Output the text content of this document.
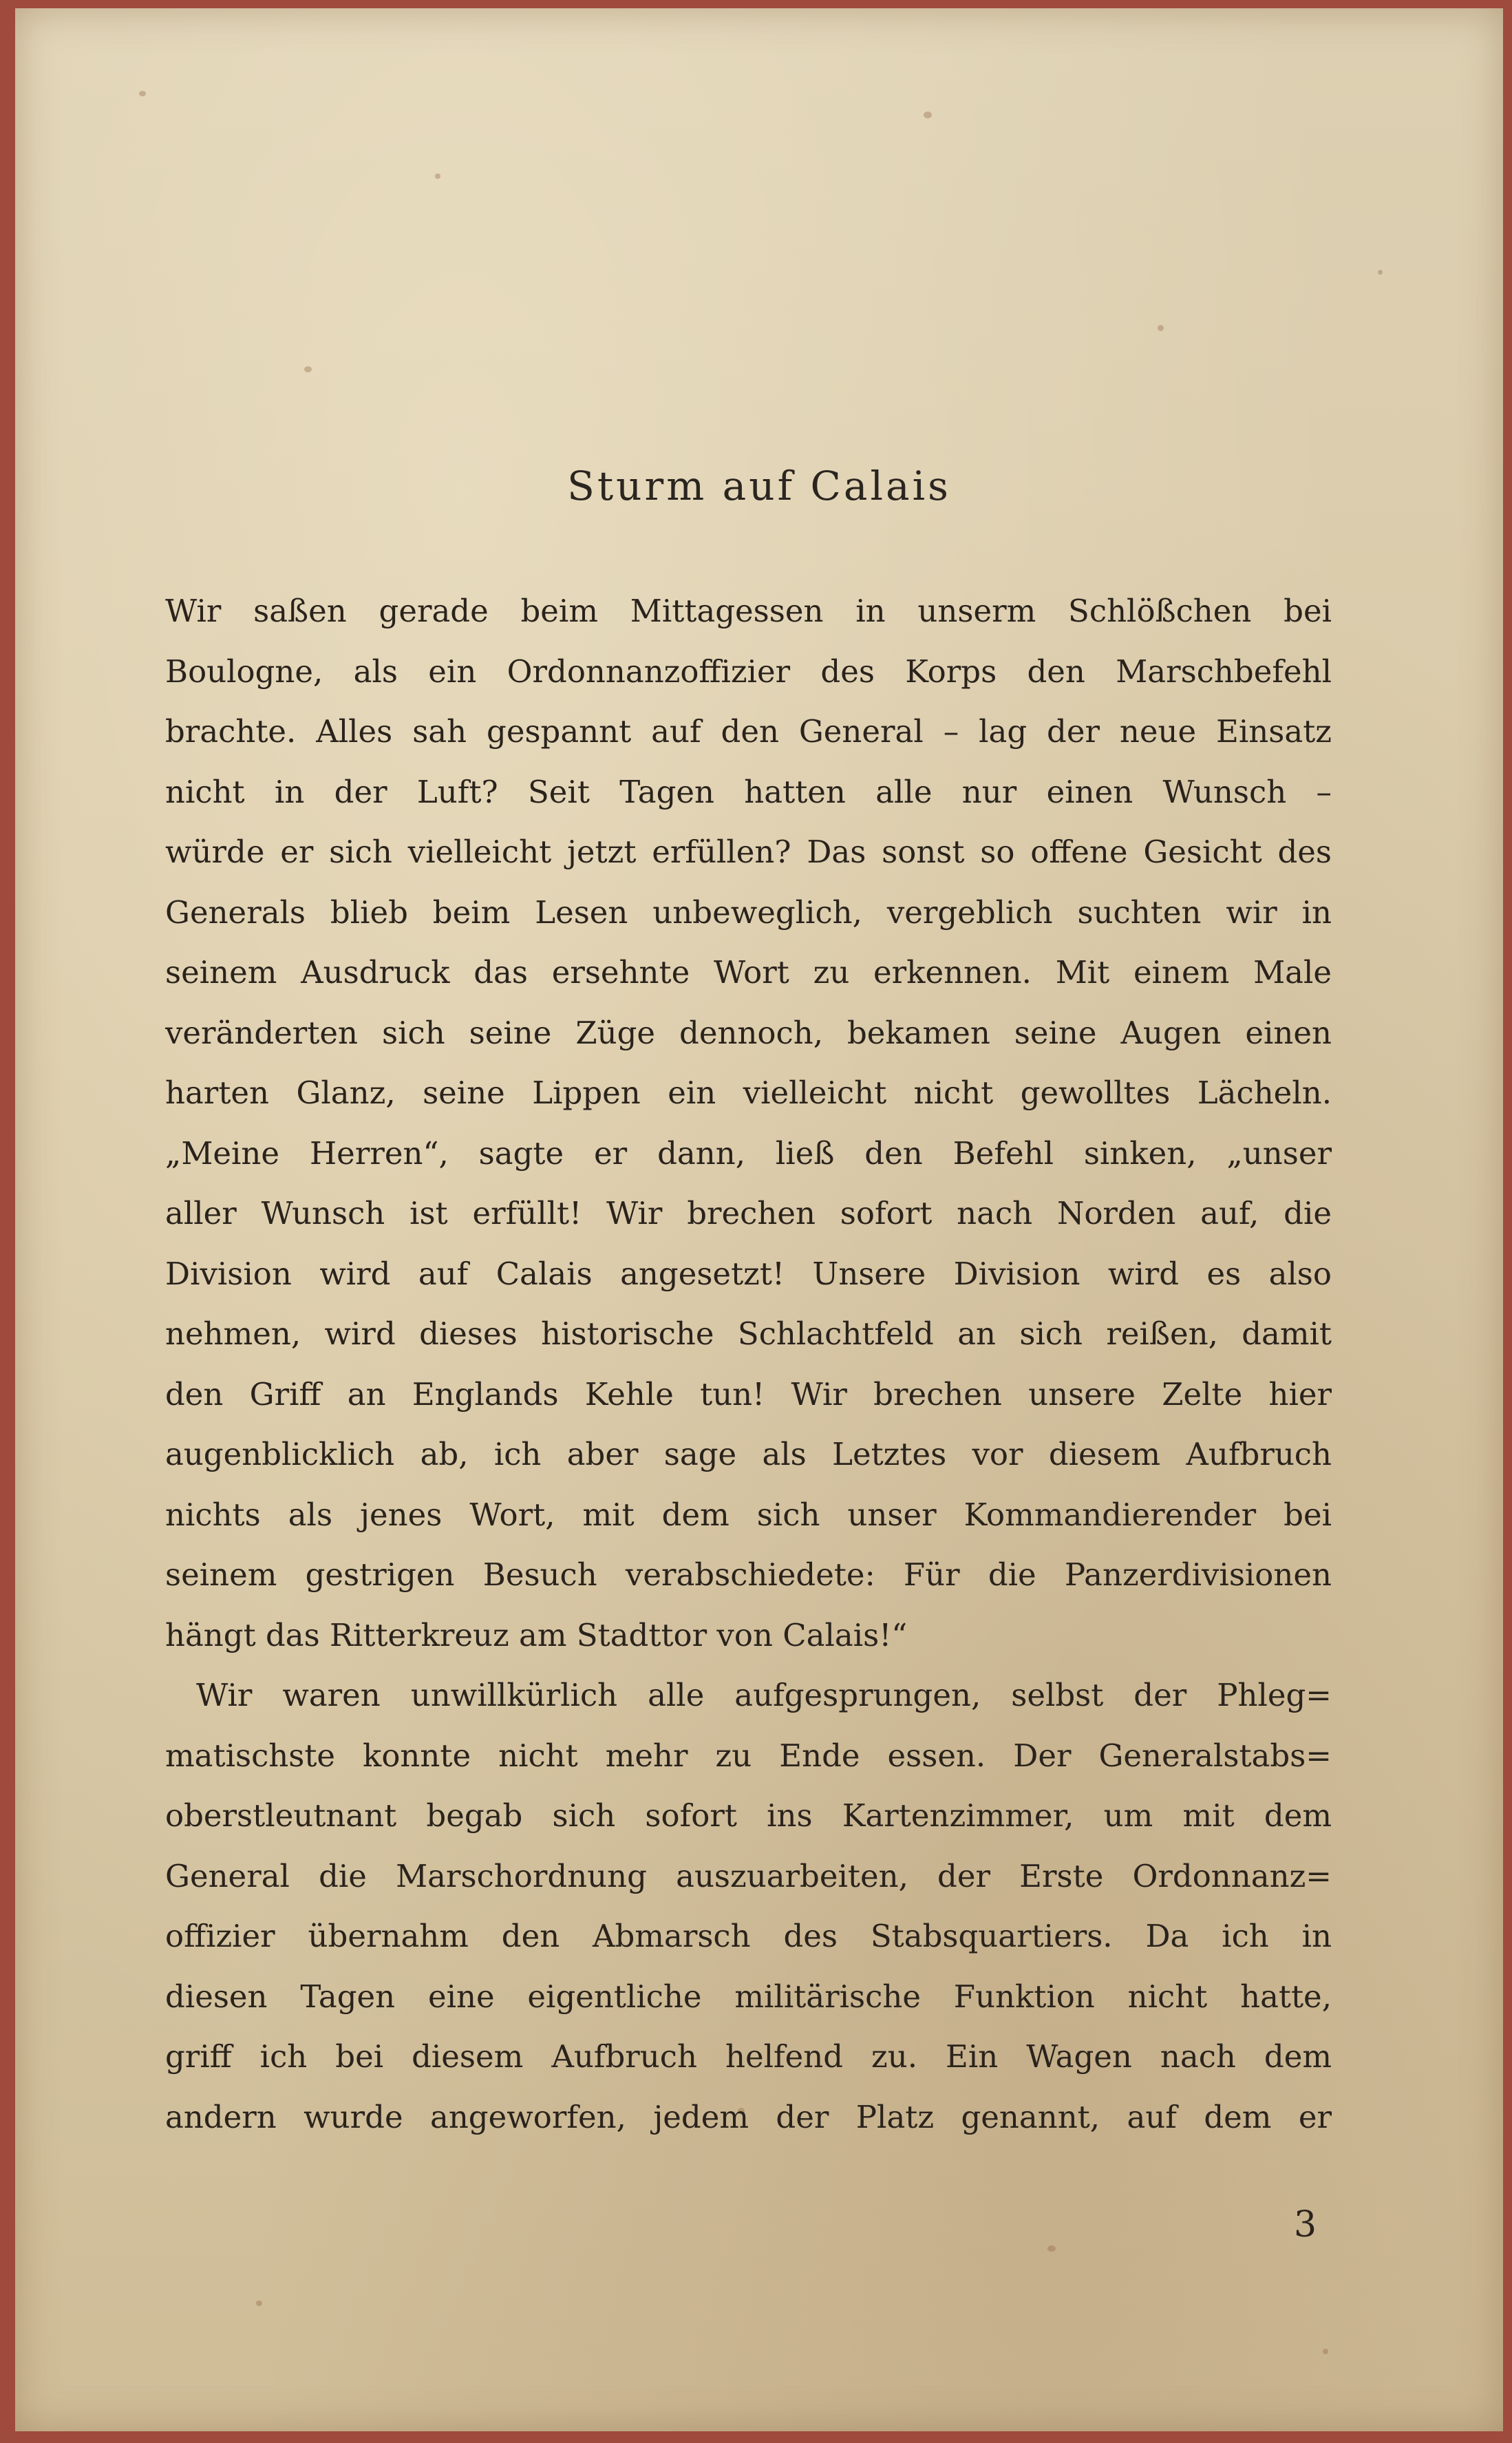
Sturm auf Calais
Wir saßen gerade beim Mittagessen in unserm Schlößchen bei
Boulogne, als ein Ordonnanzoffizier des Korps den Marschbefehl
brachte. Alles sah gespannt auf den General – lag der neue Einsatz
nicht in der Luft? Seit Tagen hatten alle nur einen Wunsch –
würde er sich vielleicht jetzt erfüllen? Das sonst so offene Gesicht des
Generals blieb beim Lesen unbeweglich, vergeblich suchten wir in
seinem Ausdruck das ersehnte Wort zu erkennen. Mit einem Male
veränderten sich seine Züge dennoch, bekamen seine Augen einen
harten Glanz, seine Lippen ein vielleicht nicht gewolltes Lächeln.
„Meine Herren“, sagte er dann, ließ den Befehl sinken, „unser
aller Wunsch ist erfüllt! Wir brechen sofort nach Norden auf, die
Division wird auf Calais angesetzt! Unsere Division wird es also
nehmen, wird dieses historische Schlachtfeld an sich reißen, damit
den Griff an Englands Kehle tun! Wir brechen unsere Zelte hier
augenblicklich ab, ich aber sage als Letztes vor diesem Aufbruch
nichts als jenes Wort, mit dem sich unser Kommandierender bei
seinem gestrigen Besuch verabschiedete: Für die Panzerdivisionen
hängt das Ritterkreuz am Stadttor von Calais!“
Wir waren unwillkürlich alle aufgesprungen, selbst der Phleg=
matischste konnte nicht mehr zu Ende essen. Der Generalstabs=
oberstleutnant begab sich sofort ins Kartenzimmer, um mit dem
General die Marschordnung auszuarbeiten, der Erste Ordonnanz=
offizier übernahm den Abmarsch des Stabsquartiers. Da ich in
diesen Tagen eine eigentliche militärische Funktion nicht hatte,
griff ich bei diesem Aufbruch helfend zu. Ein Wagen nach dem
andern wurde angeworfen, jedem der Platz genannt, auf dem er
3
